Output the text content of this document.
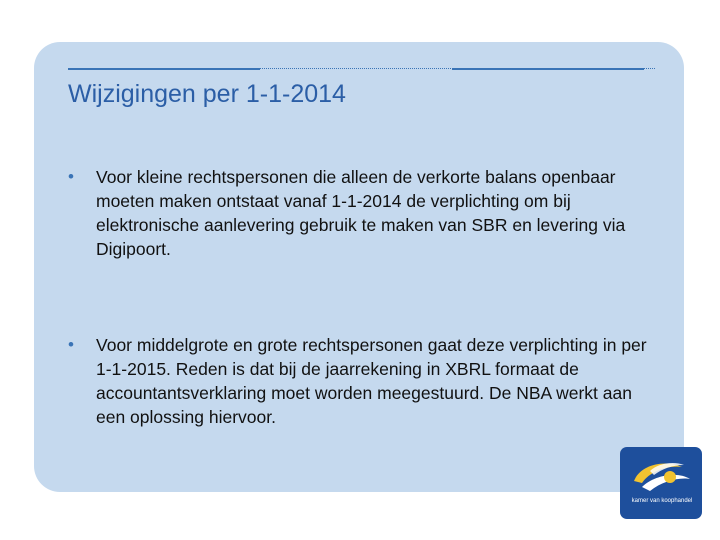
Wijzigingen per 1-1-2014
•	Voor kleine rechtspersonen die alleen de verkorte balans openbaar moeten maken ontstaat vanaf 1-1-2014 de verplichting om bij elektronische aanlevering gebruik te maken van SBR en levering via Digipoort.
•	Voor middelgrote en grote rechtspersonen gaat deze verplichting in per 1-1-2015. Reden is dat bij de jaarrekening in XBRL formaat de accountantsverklaring moet worden meegestuurd. De NBA werkt aan een oplossing hiervoor.
kamer van koophandel
